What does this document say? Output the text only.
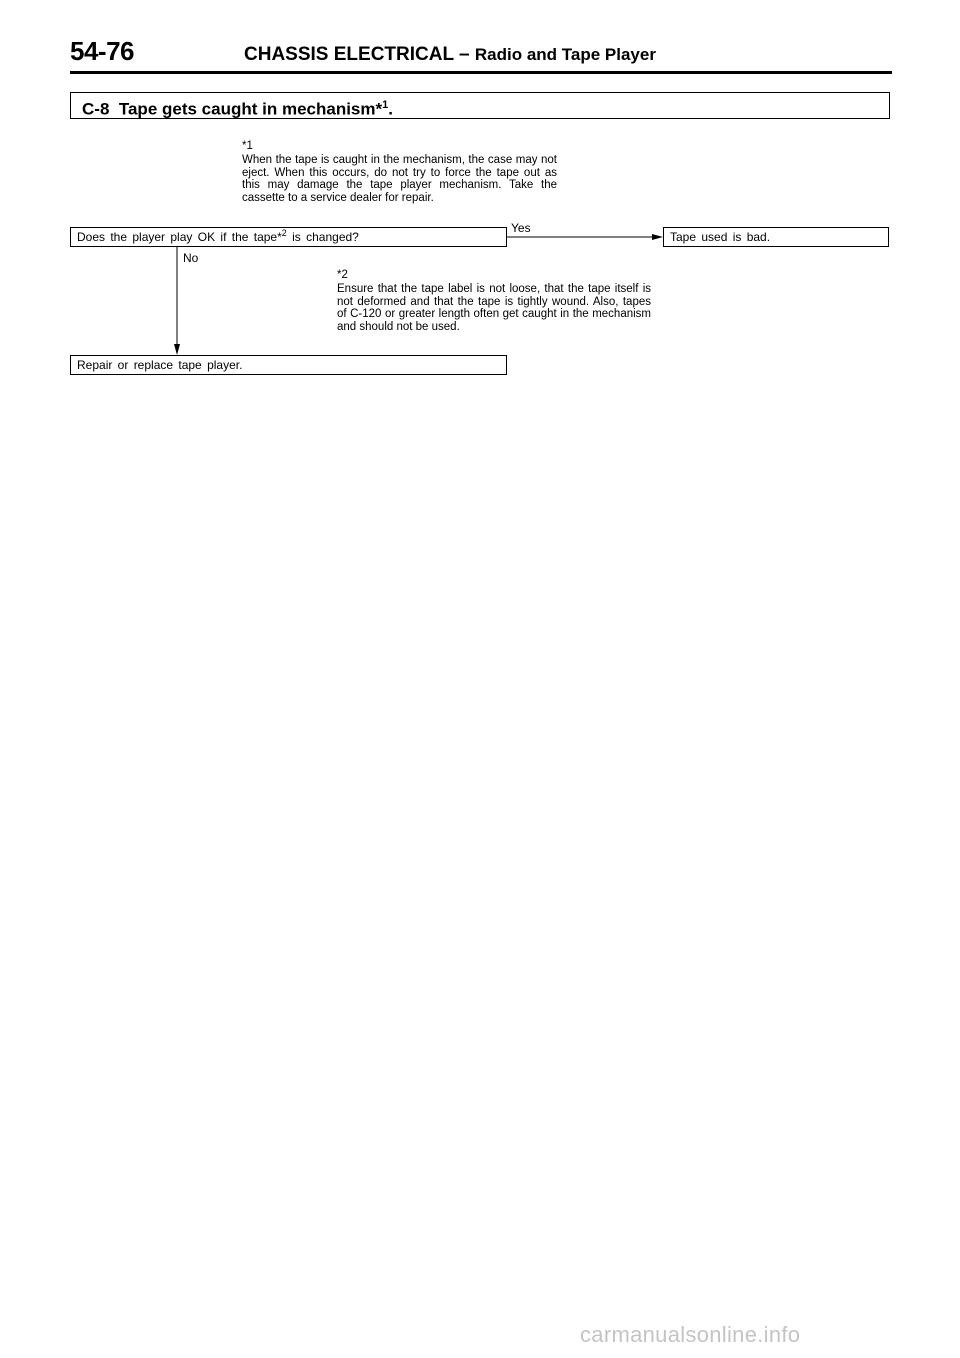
54-76	CHASSIS ELECTRICAL – Radio and Tape Player
C-8 Tape gets caught in mechanism*$^1$.
*1
When the tape is caught in the mechanism, the case may not eject. When this occurs, do not try to force the tape out as this may damage the tape player mechanism. Take the cassette to a service dealer for repair.
Does the player play OK if the tape*$^2$ is changed?
Yes
Tape used is bad.
No
*2
Ensure that the tape label is not loose, that the tape itself is not deformed and that the tape is tightly wound. Also, tapes of C-120 or greater length often get caught in the mechanism and should not be used.
Repair or replace tape player.
carmanualsonline.info
